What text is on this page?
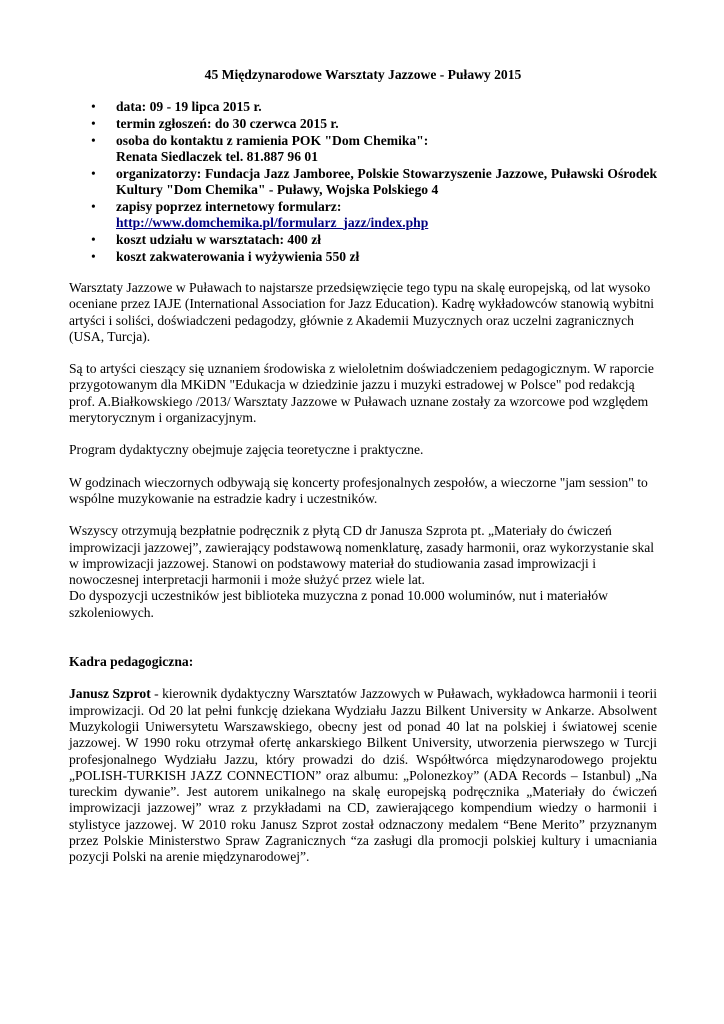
45 Międzynarodowe Warsztaty Jazzowe - Puławy 2015
• data: 09 - 19 lipca 2015 r.
• termin zgłoszeń: do 30 czerwca 2015 r.
• osoba do kontaktu z ramienia POK "Dom Chemika":
Renata Siedlaczek tel. 81.887 96 01
• organizatorzy: Fundacja Jazz Jamboree, Polskie Stowarzyszenie Jazzowe, Puławski Ośrodek Kultury "Dom Chemika" - Puławy, Wojska Polskiego 4
• zapisy poprzez internetowy formularz:
http://www.domchemika.pl/formularz_jazz/index.php
• koszt udziału w warsztatach: 400 zł
• koszt zakwaterowania i wyżywienia 550 zł

Warsztaty Jazzowe w Puławach to najstarsze przedsięwzięcie tego typu na skalę europejską, od lat wysoko oceniane przez IAJE (International Association for Jazz Education). Kadrę wykładowców stanowią wybitni artyści i soliści, doświadczeni pedagodzy, głównie z Akademii Muzycznych oraz uczelni zagranicznych (USA, Turcja).

Są to artyści cieszący się uznaniem środowiska z wieloletnim doświadczeniem pedagogicznym. W raporcie przygotowanym dla MKiDN "Edukacja w dziedzinie jazzu i muzyki estradowej w Polsce" pod redakcją prof. A.Białkowskiego /2013/ Warsztaty Jazzowe w Puławach uznane zostały za wzorcowe pod względem merytorycznym i organizacyjnym.

Program dydaktyczny obejmuje zajęcia teoretyczne i praktyczne.

W godzinach wieczornych odbywają się koncerty profesjonalnych zespołów, a wieczorne "jam session" to wspólne muzykowanie na estradzie kadry i uczestników.

Wszyscy otrzymują bezpłatnie podręcznik z płytą CD dr Janusza Szprota pt. „Materiały do ćwiczeń improwizacji jazzowej”, zawierający podstawową nomenklaturę, zasady harmonii, oraz wykorzystanie skal w improwizacji jazzowej. Stanowi on podstawowy materiał do studiowania zasad improwizacji i nowoczesnej interpretacji harmonii i może służyć przez wiele lat.

Do dyspozycji uczestników jest biblioteka muzyczna z ponad 10.000 woluminów, nut i materiałów szkoleniowych.

Kadra pedagogiczna:

Janusz Szprot - kierownik dydaktyczny Warsztatów Jazzowych w Puławach, wykładowca harmonii i teorii improwizacji. Od 20 lat pełni funkcję dziekana Wydziału Jazzu Bilkent University w Ankarze. Absolwent Muzykologii Uniwersytetu Warszawskiego, obecny jest od ponad 40 lat na polskiej i światowej scenie jazzowej. W 1990 roku otrzymał ofertę ankarskiego Bilkent University, utworzenia pierwszego w Turcji profesjonalnego Wydziału Jazzu, który prowadzi do dziś. Współtwórca międzynarodowego projektu „POLISH-TURKISH JAZZ CONNECTION” oraz albumu: „Polonezkoy” (ADA Records – Istanbul) „Na tureckim dywanie”. Jest autorem unikalnego na skalę europejską podręcznika „Materiały do ćwiczeń improwizacji jazzowej” wraz z przykładami na CD, zawierającego kompendium wiedzy o harmonii i stylistyce jazzowej. W 2010 roku Janusz Szprot został odznaczony medalem “Bene Merito” przyznanym przez Polskie Ministerstwo Spraw Zagranicznych “za zasługi dla promocji polskiej kultury i umacniania pozycji Polski na arenie międzynarodowej”.
